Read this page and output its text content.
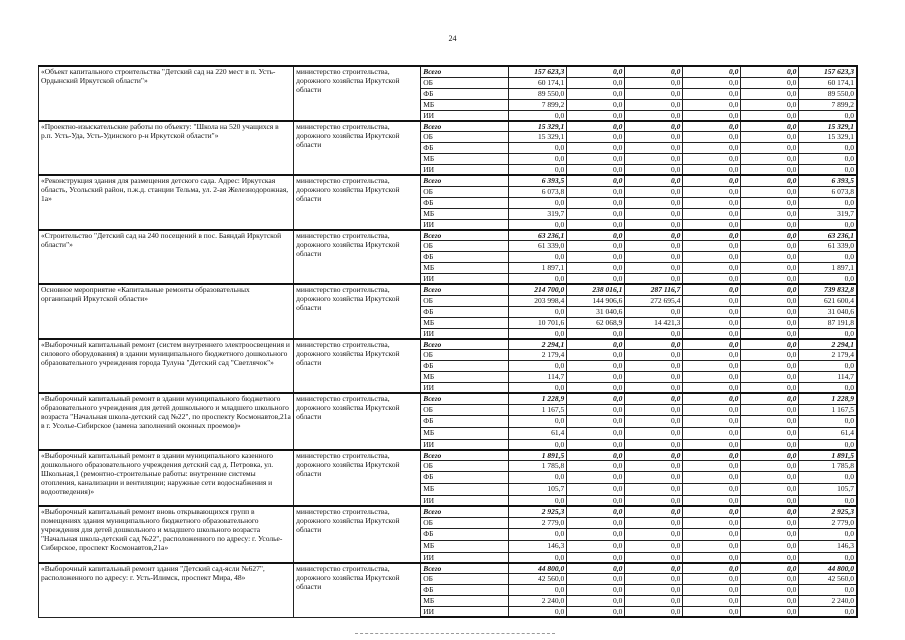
24
«Объект капитального строительства "Детский сад на 220 мест в п. Усть-Ордынский Иркутской области"»	министерство строительства, дорожного хозяйства Иркутской области	Всего	157 623,3	0,0	0,0	0,0	0,0	157 623,3
		ОБ	60 174,1	0,0	0,0	0,0	0,0	60 174,1
		ФБ	89 550,0	0,0	0,0	0,0	0,0	89 550,0
		МБ	7 899,2	0,0	0,0	0,0	0,0	7 899,2
		ИИ	0,0	0,0	0,0	0,0	0,0	0,0
«Проектно-изыскательские работы по объекту: "Школа на 520 учащихся в р.п. Усть-Уда, Усть-Удинского р-н Иркутской области"»	министерство строительства, дорожного хозяйства Иркутской области	Всего	15 329,1	0,0	0,0	0,0	0,0	15 329,1
		ОБ	15 329,1	0,0	0,0	0,0	0,0	15 329,1
		ФБ	0,0	0,0	0,0	0,0	0,0	0,0
		МБ	0,0	0,0	0,0	0,0	0,0	0,0
		ИИ	0,0	0,0	0,0	0,0	0,0	0,0
«Реконструкция здания для размещения детского сада. Адрес: Иркутская область, Усольский район, п.ж.д. станции Тельма, ул. 2-ая Железнодорожная, 1а»	министерство строительства, дорожного хозяйства Иркутской области	Всего	6 393,5	0,0	0,0	0,0	0,0	6 393,5
		ОБ	6 073,8	0,0	0,0	0,0	0,0	6 073,8
		ФБ	0,0	0,0	0,0	0,0	0,0	0,0
		МБ	319,7	0,0	0,0	0,0	0,0	319,7
		ИИ	0,0	0,0	0,0	0,0	0,0	0,0
«Строительство "Детский сад на 240 посещений в пос. Баяндай Иркутской области"»	министерство строительства, дорожного хозяйства Иркутской области	Всего	63 236,1	0,0	0,0	0,0	0,0	63 236,1
		ОБ	61 339,0	0,0	0,0	0,0	0,0	61 339,0
		ФБ	0,0	0,0	0,0	0,0	0,0	0,0
		МБ	1 897,1	0,0	0,0	0,0	0,0	1 897,1
		ИИ	0,0	0,0	0,0	0,0	0,0	0,0
Основное мероприятие «Капитальные ремонты образовательных организаций Иркутской области»	министерство строительства, дорожного хозяйства Иркутской области	Всего	214 700,0	238 016,1	287 116,7	0,0	0,0	739 832,8
		ОБ	203 998,4	144 906,6	272 695,4	0,0	0,0	621 600,4
		ФБ	0,0	31 040,6	0,0	0,0	0,0	31 040,6
		МБ	10 701,6	62 068,9	14 421,3	0,0	0,0	87 191,8
		ИИ	0,0	0,0	0,0	0,0	0,0	0,0
«Выборочный капитальный ремонт (систем внутреннего электроосвещения и силового оборудования) в здании муниципального бюджетного дошкольного образовательного учреждения города Тулуна "Детский сад "Светлячок"»	министерство строительства, дорожного хозяйства Иркутской области	Всего	2 294,1	0,0	0,0	0,0	0,0	2 294,1
		ОБ	2 179,4	0,0	0,0	0,0	0,0	2 179,4
		ФБ	0,0	0,0	0,0	0,0	0,0	0,0
		МБ	114,7	0,0	0,0	0,0	0,0	114,7
		ИИ	0,0	0,0	0,0	0,0	0,0	0,0
«Выборочный капитальный ремонт в здании муниципального бюджетного образовательного учреждения для детей дошкольного и младшего школьного возраста "Начальная школа-детский сад №22", по проспекту Космонавтов,21а в г. Усолье-Сибирское (замена заполнений оконных проемов)»	министерство строительства, дорожного хозяйства Иркутской области	Всего	1 228,9	0,0	0,0	0,0	0,0	1 228,9
		ОБ	1 167,5	0,0	0,0	0,0	0,0	1 167,5
		ФБ	0,0	0,0	0,0	0,0	0,0	0,0
		МБ	61,4	0,0	0,0	0,0	0,0	61,4
		ИИ	0,0	0,0	0,0	0,0	0,0	0,0
«Выборочный капитальный ремонт в здании муниципального казенного дошкольного образовательного учреждения детский сад д. Петровка, ул. Школьная,1 (ремонтно-строительные работы: внутренние системы отопления, канализации и вентиляции; наружные сети водоснабжения и водоотведения)»	министерство строительства, дорожного хозяйства Иркутской области	Всего	1 891,5	0,0	0,0	0,0	0,0	1 891,5
		ОБ	1 785,8	0,0	0,0	0,0	0,0	1 785,8
		ФБ	0,0	0,0	0,0	0,0	0,0	0,0
		МБ	105,7	0,0	0,0	0,0	0,0	105,7
		ИИ	0,0	0,0	0,0	0,0	0,0	0,0
«Выборочный капитальный ремонт вновь открывающихся групп в помещениях здания муниципального бюджетного образовательного учреждения для детей дошкольного и младшего школьного возраста "Начальная школа-детский сад №22", расположенного по адресу: г. Усолье-Сибирское, проспект Космонавтов,21а»	министерство строительства, дорожного хозяйства Иркутской области	Всего	2 925,3	0,0	0,0	0,0	0,0	2 925,3
		ОБ	2 779,0	0,0	0,0	0,0	0,0	2 779,0
		ФБ	0,0	0,0	0,0	0,0	0,0	0,0
		МБ	146,3	0,0	0,0	0,0	0,0	146,3
		ИИ	0,0	0,0	0,0	0,0	0,0	0,0
«Выборочный капитальный ремонт здания "Детский сад-ясли №627", расположенного по адресу: г. Усть-Илимск, проспект Мира, 48»	министерство строительства, дорожного хозяйства Иркутской области	Всего	44 800,0	0,0	0,0	0,0	0,0	44 800,0
		ОБ	42 560,0	0,0	0,0	0,0	0,0	42 560,0
		ФБ	0,0	0,0	0,0	0,0	0,0	0,0
		МБ	2 240,0	0,0	0,0	0,0	0,0	2 240,0
		ИИ	0,0	0,0	0,0	0,0	0,0	0,0
